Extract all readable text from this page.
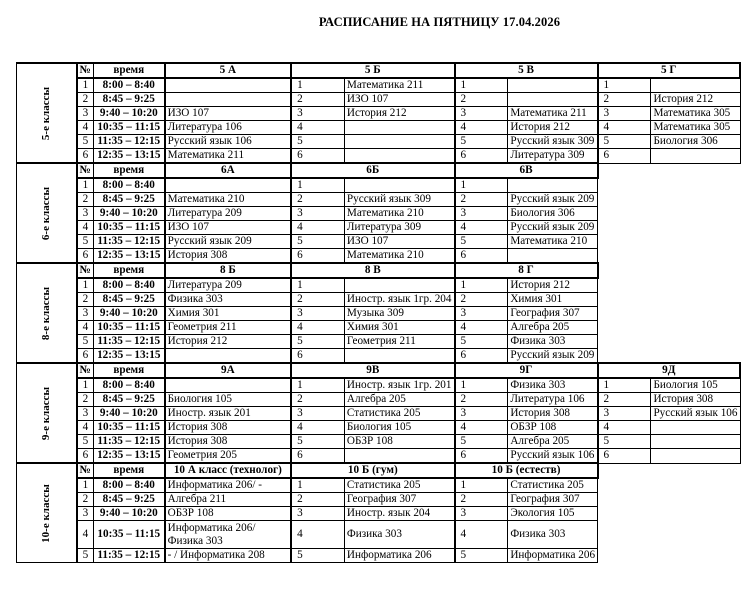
РАСПИСАНИЕ НА ПЯТНИЦУ 17.04.2026
5-е классы	№	время	5 А	5 Б		5 В		5 Г	
	1	8:00 – 8:40		1	Математика 211	1		1	
	2	8:45 – 9:25		2	ИЗО 107	2		2	История 212
	3	9:40 – 10:20	ИЗО 107	3	История 212	3	Математика 211	3	Математика 305
	4	10:35 – 11:15	Литература 106	4		4	История 212	4	Математика 305
	5	11:35 – 12:15	Русский язык 106	5		5	Русский язык 309	5	Биология 306
	6	12:35 – 13:15	Математика 211	6		6	Литература 309	6	
6-е классы	№	время	6А	6Б		6В			
	1	8:00 – 8:40		1		1			
	2	8:45 – 9:25	Математика 210	2	Русский язык 309	2	Русский язык 209		
	3	9:40 – 10:20	Литература 209	3	Математика 210	3	Биология 306		
	4	10:35 – 11:15	ИЗО 107	4	Литература 309	4	Русский язык 209		
	5	11:35 – 12:15	Русский язык 209	5	ИЗО 107	5	Математика 210		
	6	12:35 – 13:15	История 308	6	Математика 210	6			
8-е классы	№	время	8 Б	8 В		8 Г			
	1	8:00 – 8:40	Литература 209	1		1	История 212		
	2	8:45 – 9:25	Физика 303	2	Иностр. язык 1гр. 204	2	Химия 301		
	3	9:40 – 10:20	Химия 301	3	Музыка 309	3	География 307		
	4	10:35 – 11:15	Геометрия 211	4	Химия 301	4	Алгебра 205		
	5	11:35 – 12:15	История 212	5	Геометрия 211	5	Физика 303		
	6	12:35 – 13:15		6		6	Русский язык 209		
9-е классы	№	время	9А	9В		9Г		9Д	
	1	8:00 – 8:40		1	Иностр. язык 1гр. 201	1	Физика 303	1	Биология 105
	2	8:45 – 9:25	Биология 105	2	Алгебра 205	2	Литература 106	2	История 308
	3	9:40 – 10:20	Иностр. язык 201	3	Статистика 205	3	История 308	3	Русский язык 106
	4	10:35 – 11:15	История 308	4	Биология 105	4	ОБЗР 108	4	
	5	11:35 – 12:15	История 308	5	ОБЗР 108	5	Алгебра 205	5	
	6	12:35 – 13:15	Геометрия 205	6		6	Русский язык 106	6	
10-е классы	№	время	10 А класс (технолог)	10 Б (гум)		10 Б (естеств)			
	1	8:00 – 8:40	Информатика 206/ -	1	Статистика 205	1	Статистика 205		
	2	8:45 – 9:25	Алгебра 211	2	География 307	2	География 307		
	3	9:40 – 10:20	ОБЗР 108	3	Иностр. язык 204	3	Экология 105		
	4	10:35 – 11:15	Информатика 206/ Физика 303	4	Физика 303	4	Физика 303		
	5	11:35 – 12:15	- / Информатика 208	5	Информатика 206	5	Информатика 206		
